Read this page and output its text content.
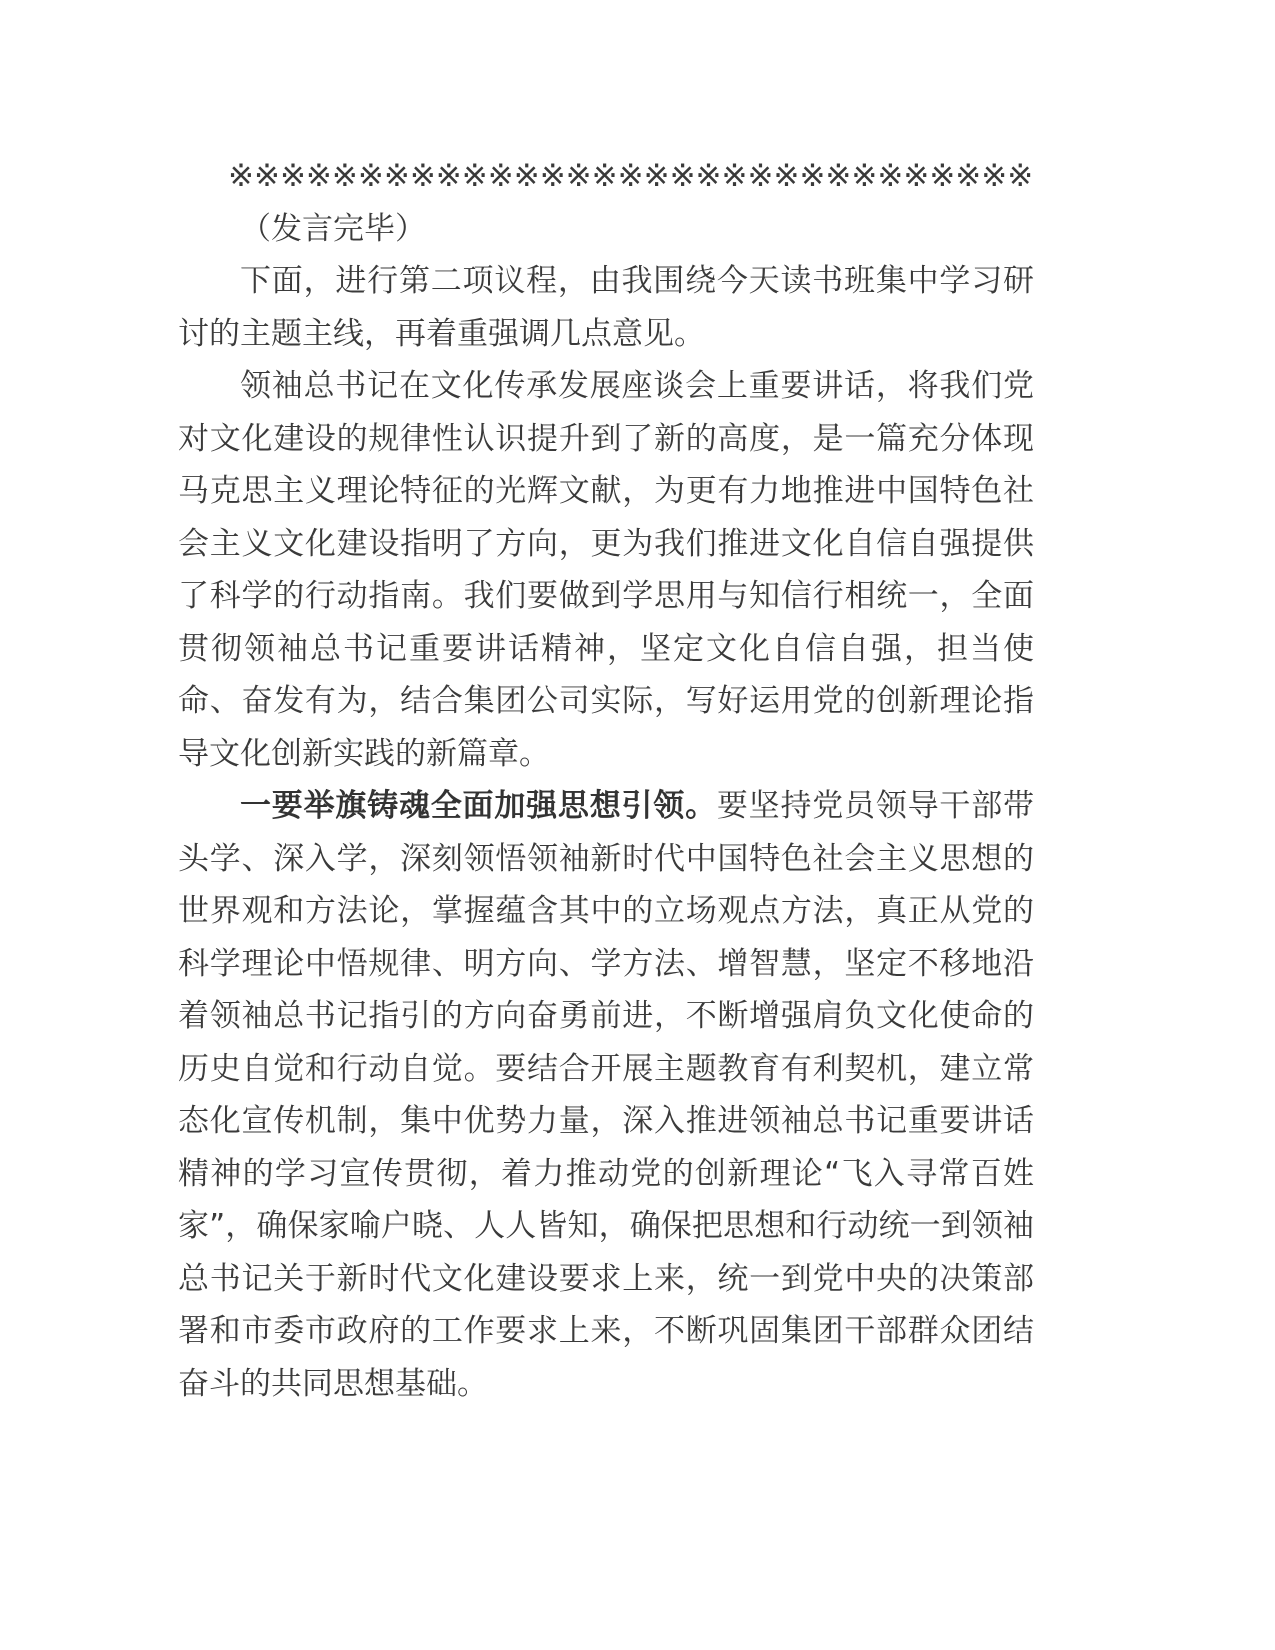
※※※※※※※※※※※※※※※※※※※※※※※※※※※※※※※

（发言完毕）

下面，进行第二项议程，由我围绕今天读书班集中学习研讨的主题主线，再着重强调几点意见。

领袖总书记在文化传承发展座谈会上重要讲话，将我们党对文化建设的规律性认识提升到了新的高度，是一篇充分体现马克思主义理论特征的光辉文献，为更有力地推进中国特色社会主义文化建设指明了方向，更为我们推进文化自信自强提供了科学的行动指南。我们要做到学思用与知信行相统一，全面贯彻领袖总书记重要讲话精神，坚定文化自信自强，担当使命、奋发有为，结合集团公司实际，写好运用党的创新理论指导文化创新实践的新篇章。

一要举旗铸魂全面加强思想引领。要坚持党员领导干部带头学、深入学，深刻领悟领袖新时代中国特色社会主义思想的世界观和方法论，掌握蕴含其中的立场观点方法，真正从党的科学理论中悟规律、明方向、学方法、增智慧，坚定不移地沿着领袖总书记指引的方向奋勇前进，不断增强肩负文化使命的历史自觉和行动自觉。要结合开展主题教育有利契机，建立常态化宣传机制，集中优势力量，深入推进领袖总书记重要讲话精神的学习宣传贯彻，着力推动党的创新理论“飞入寻常百姓家”，确保家喻户晓、人人皆知，确保把思想和行动统一到领袖总书记关于新时代文化建设要求上来，统一到党中央的决策部署和市委市政府的工作要求上来，不断巩固集团干部群众团结奋斗的共同思想基础。
